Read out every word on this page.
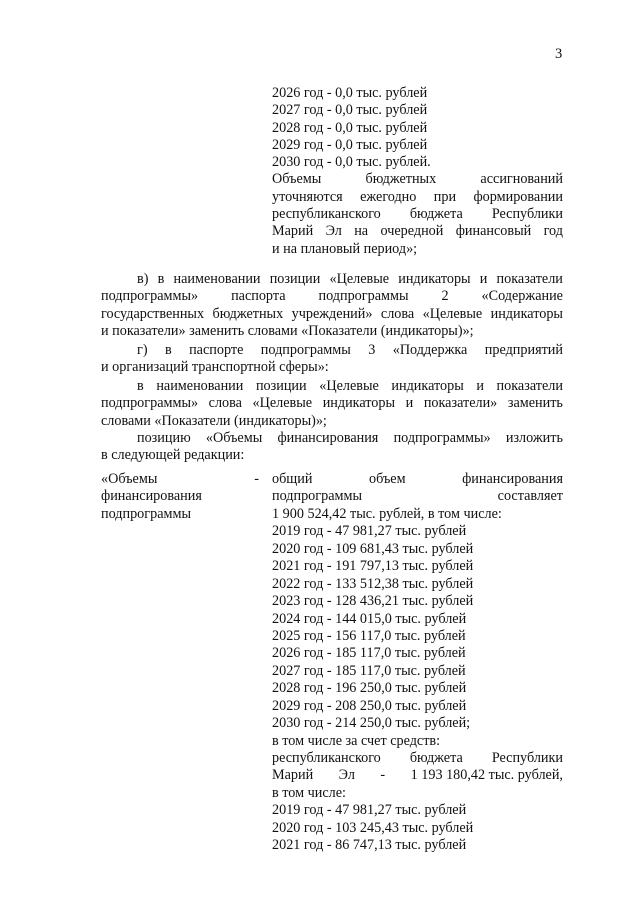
3
2026 год - 0,0 тыс. рублей
2027 год - 0,0 тыс. рублей
2028 год - 0,0 тыс. рублей
2029 год - 0,0 тыс. рублей
2030 год - 0,0 тыс. рублей.
Объемы	бюджетных	ассигнований
уточняются ежегодно при формировании
республиканского бюджета Республики
Марий Эл на очередной финансовый год
и на плановый период»;
в) в наименовании позиции «Целевые индикаторы и показатели
подпрограммы» паспорта подпрограммы 2 «Содержание
государственных бюджетных учреждений» слова «Целевые индикаторы
и показатели» заменить словами «Показатели (индикаторы)»;
г) в паспорте подпрограммы 3 «Поддержка предприятий
и организаций транспортной сферы»:
в наименовании позиции «Целевые индикаторы и показатели
подпрограммы» слова «Целевые индикаторы и показатели» заменить
словами «Показатели (индикаторы)»;
позицию «Объемы финансирования подпрограммы» изложить
в следующей редакции:
«Объемы	-
финансирования
подпрограммы
общий	объем	финансирования
подпрограммы	составляет
1 900 524,42 тыс. рублей, в том числе:
2019 год - 47 981,27 тыс. рублей
2020 год - 109 681,43 тыс. рублей
2021 год - 191 797,13 тыс. рублей
2022 год - 133 512,38 тыс. рублей
2023 год - 128 436,21 тыс. рублей
2024 год - 144 015,0 тыс. рублей
2025 год - 156 117,0 тыс. рублей
2026 год - 185 117,0 тыс. рублей
2027 год - 185 117,0 тыс. рублей
2028 год - 196 250,0 тыс. рублей
2029 год - 208 250,0 тыс. рублей
2030 год - 214 250,0 тыс. рублей;
в том числе за счет средств:
республиканского бюджета Республики
Марий Эл - 1 193 180,42 тыс. рублей,
в том числе:
2019 год - 47 981,27 тыс. рублей
2020 год - 103 245,43 тыс. рублей
2021 год - 86 747,13 тыс. рублей
